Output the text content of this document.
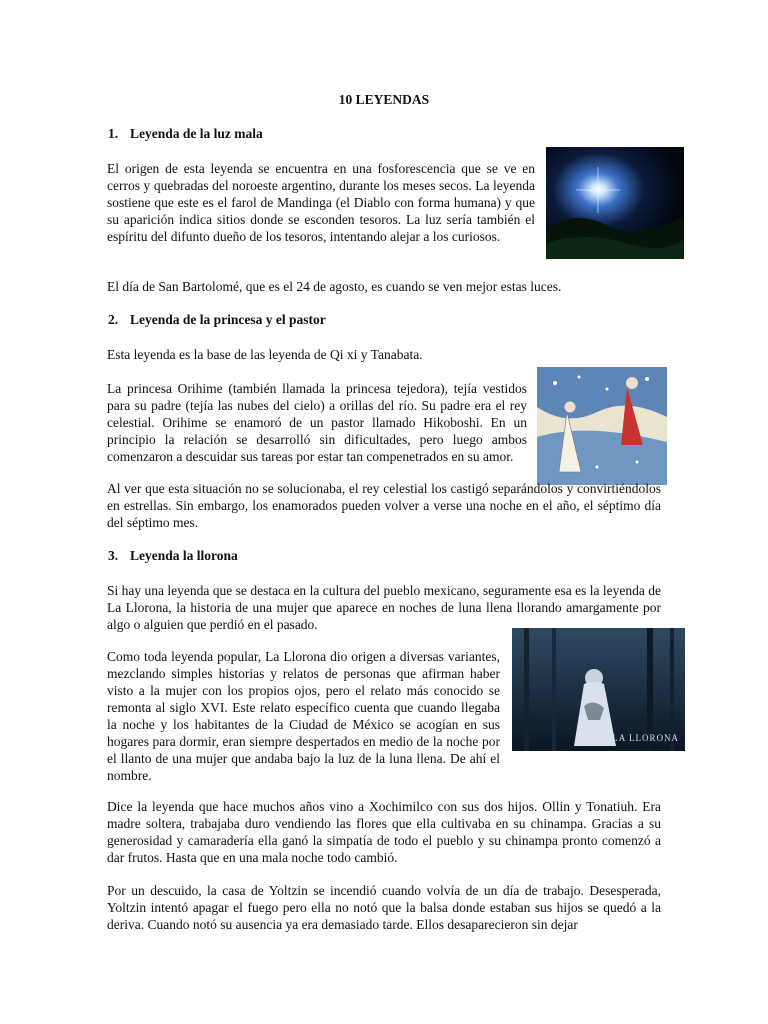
10 LEYENDAS
1. Leyenda de la luz mala

El origen de esta leyenda se encuentra en una fosforescencia que se ve en cerros y quebradas del noroeste argentino, durante los meses secos. La leyenda sostiene que este es el farol de Mandinga (el Diablo con forma humana) y que su aparición indica sitios donde se esconden tesoros. La luz sería también el espíritu del difunto dueño de los tesoros, intentando alejar a los curiosos.

El día de San Bartolomé, que es el 24 de agosto, es cuando se ven mejor estas luces.

2. Leyenda de la princesa y el pastor

Esta leyenda es la base de las leyenda de Qi xi y Tanabata.

La princesa Orihime (también llamada la princesa tejedora), tejía vestidos para su padre (tejía las nubes del cielo) a orillas del río. Su padre era el rey celestial. Orihime se enamoró de un pastor llamado Hikoboshi. En un principio la relación se desarrolló sin dificultades, pero luego ambos comenzaron a descuidar sus tareas por estar tan compenetrados en su amor.

Al ver que esta situación no se solucionaba, el rey celestial los castigó separándolos y convirtiéndolos en estrellas. Sin embargo, los enamorados pueden volver a verse una noche en el año, el séptimo día del séptimo mes.

3. Leyenda la llorona

Si hay una leyenda que se destaca en la cultura del pueblo mexicano, seguramente esa es la leyenda de La Llorona, la historia de una mujer que aparece en noches de luna llena llorando amargamente por algo o alguien que perdió en el pasado.

Como toda leyenda popular, La Llorona dio origen a diversas variantes, mezclando simples historias y relatos de personas que afirman haber visto a la mujer con los propios ojos, pero el relato más conocido se remonta al siglo XVI. Este relato específico cuenta que cuando llegaba la noche y los habitantes de la Ciudad de México se acogían en sus hogares para dormir, eran siempre despertados en medio de la noche por el llanto de una mujer que andaba bajo la luz de la luna llena. De ahí el nombre.

LA LLORONA

Dice la leyenda que hace muchos años vino a Xochimilco con sus dos hijos. Ollin y Tonatiuh. Era madre soltera, trabajaba duro vendiendo las flores que ella cultivaba en su chinampa. Gracias a su generosidad y camaradería ella ganó la simpatía de todo el pueblo y su chinampa pronto comenzó a dar frutos. Hasta que en una mala noche todo cambió.

Por un descuido, la casa de Yoltzin se incendió cuando volvía de un día de trabajo. Desesperada, Yoltzin intentó apagar el fuego pero ella no notó que la balsa donde estaban sus hijos se quedó a la deriva. Cuando notó su ausencia ya era demasiado tarde. Ellos desaparecieron sin dejar
